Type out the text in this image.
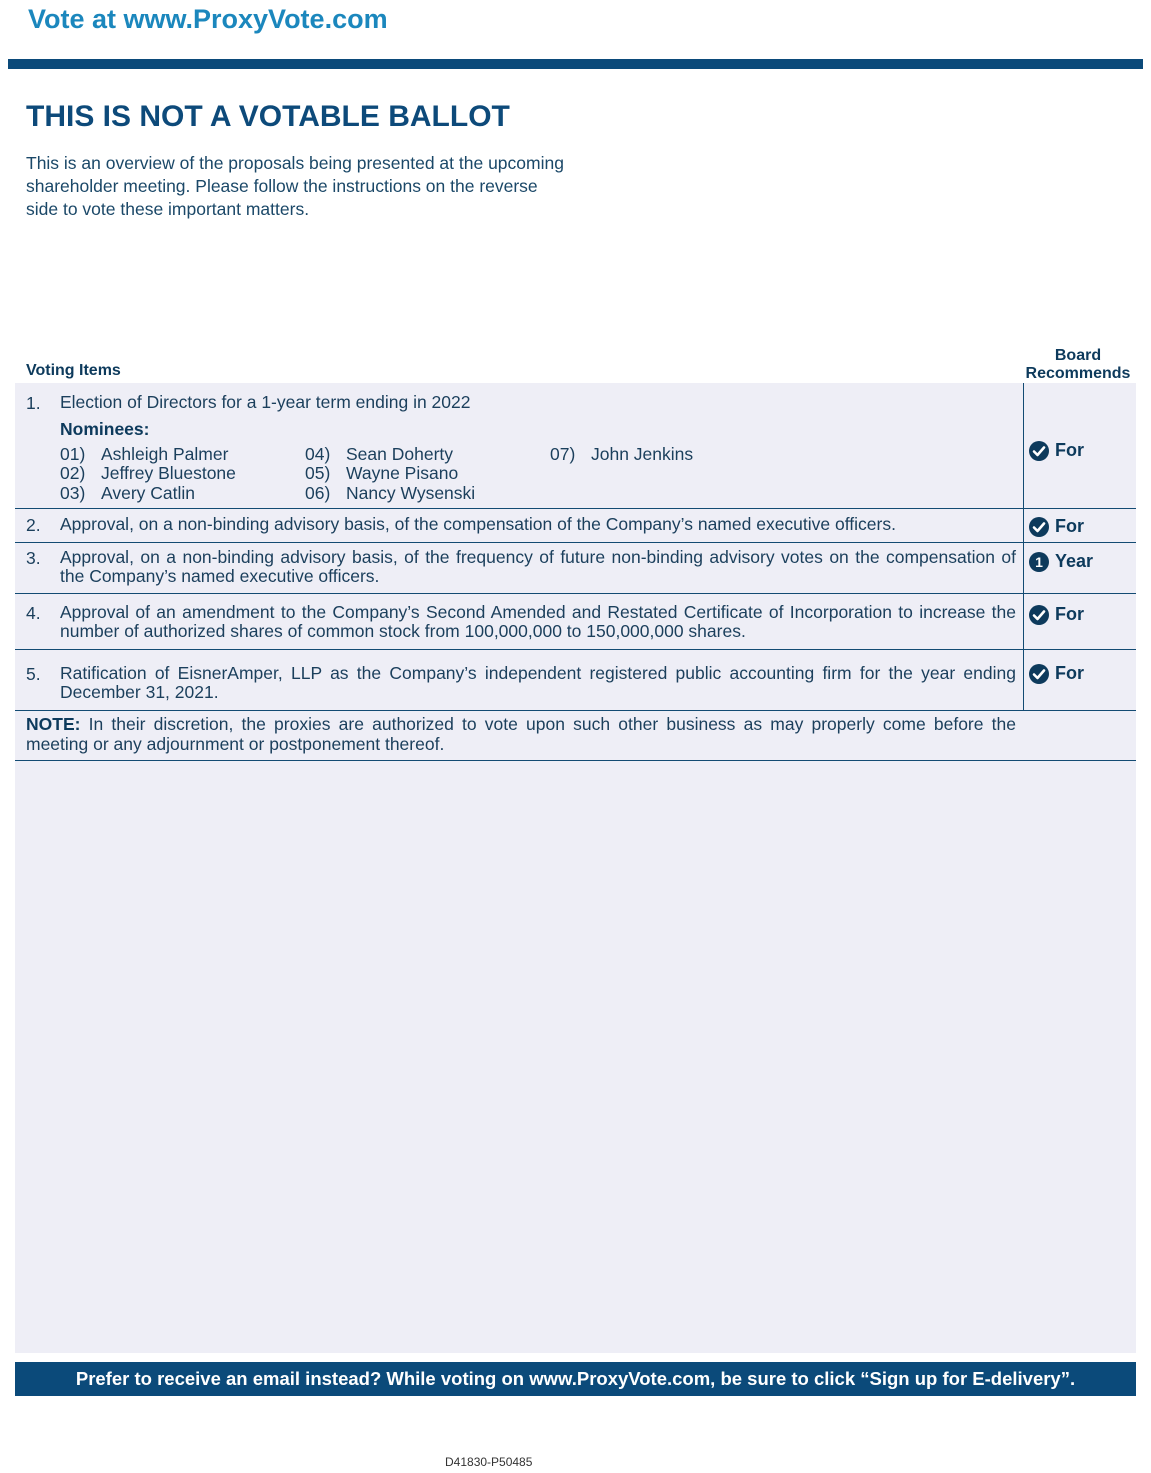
Vote at www.ProxyVote.com
THIS IS NOT A VOTABLE BALLOT
This is an overview of the proposals being presented at the upcoming shareholder meeting. Please follow the instructions on the reverse side to vote these important matters.
Voting Items
Board
Recommends
1. Election of Directors for a 1-year term ending in 2022
Nominees:
01) Ashleigh Palmer
02) Jeffrey Bluestone
03) Avery Catlin
04) Sean Doherty
05) Wayne Pisano
06) Nancy Wysenski
07) John Jenkins	For
2. Approval, on a non-binding advisory basis, of the compensation of the Company’s named executive officers.	For
3. Approval, on a non-binding advisory basis, of the frequency of future non-binding advisory votes on the compensation of the Company’s named executive officers.
1 Year
4. Approval of an amendment to the Company’s Second Amended and Restated Certificate of Incorporation to increase the number of authorized shares of common stock from 100,000,000 to 150,000,000 shares.
For
5. Ratification of EisnerAmper, LLP as the Company’s independent registered public accounting firm for the year ending December 31, 2021.
For
NOTE: In their discretion, the proxies are authorized to vote upon such other business as may properly come before the meeting or any adjournment or postponement thereof.
Prefer to receive an email instead? While voting on www.ProxyVote.com, be sure to click “Sign up for E-delivery”.
D41830-P50485
